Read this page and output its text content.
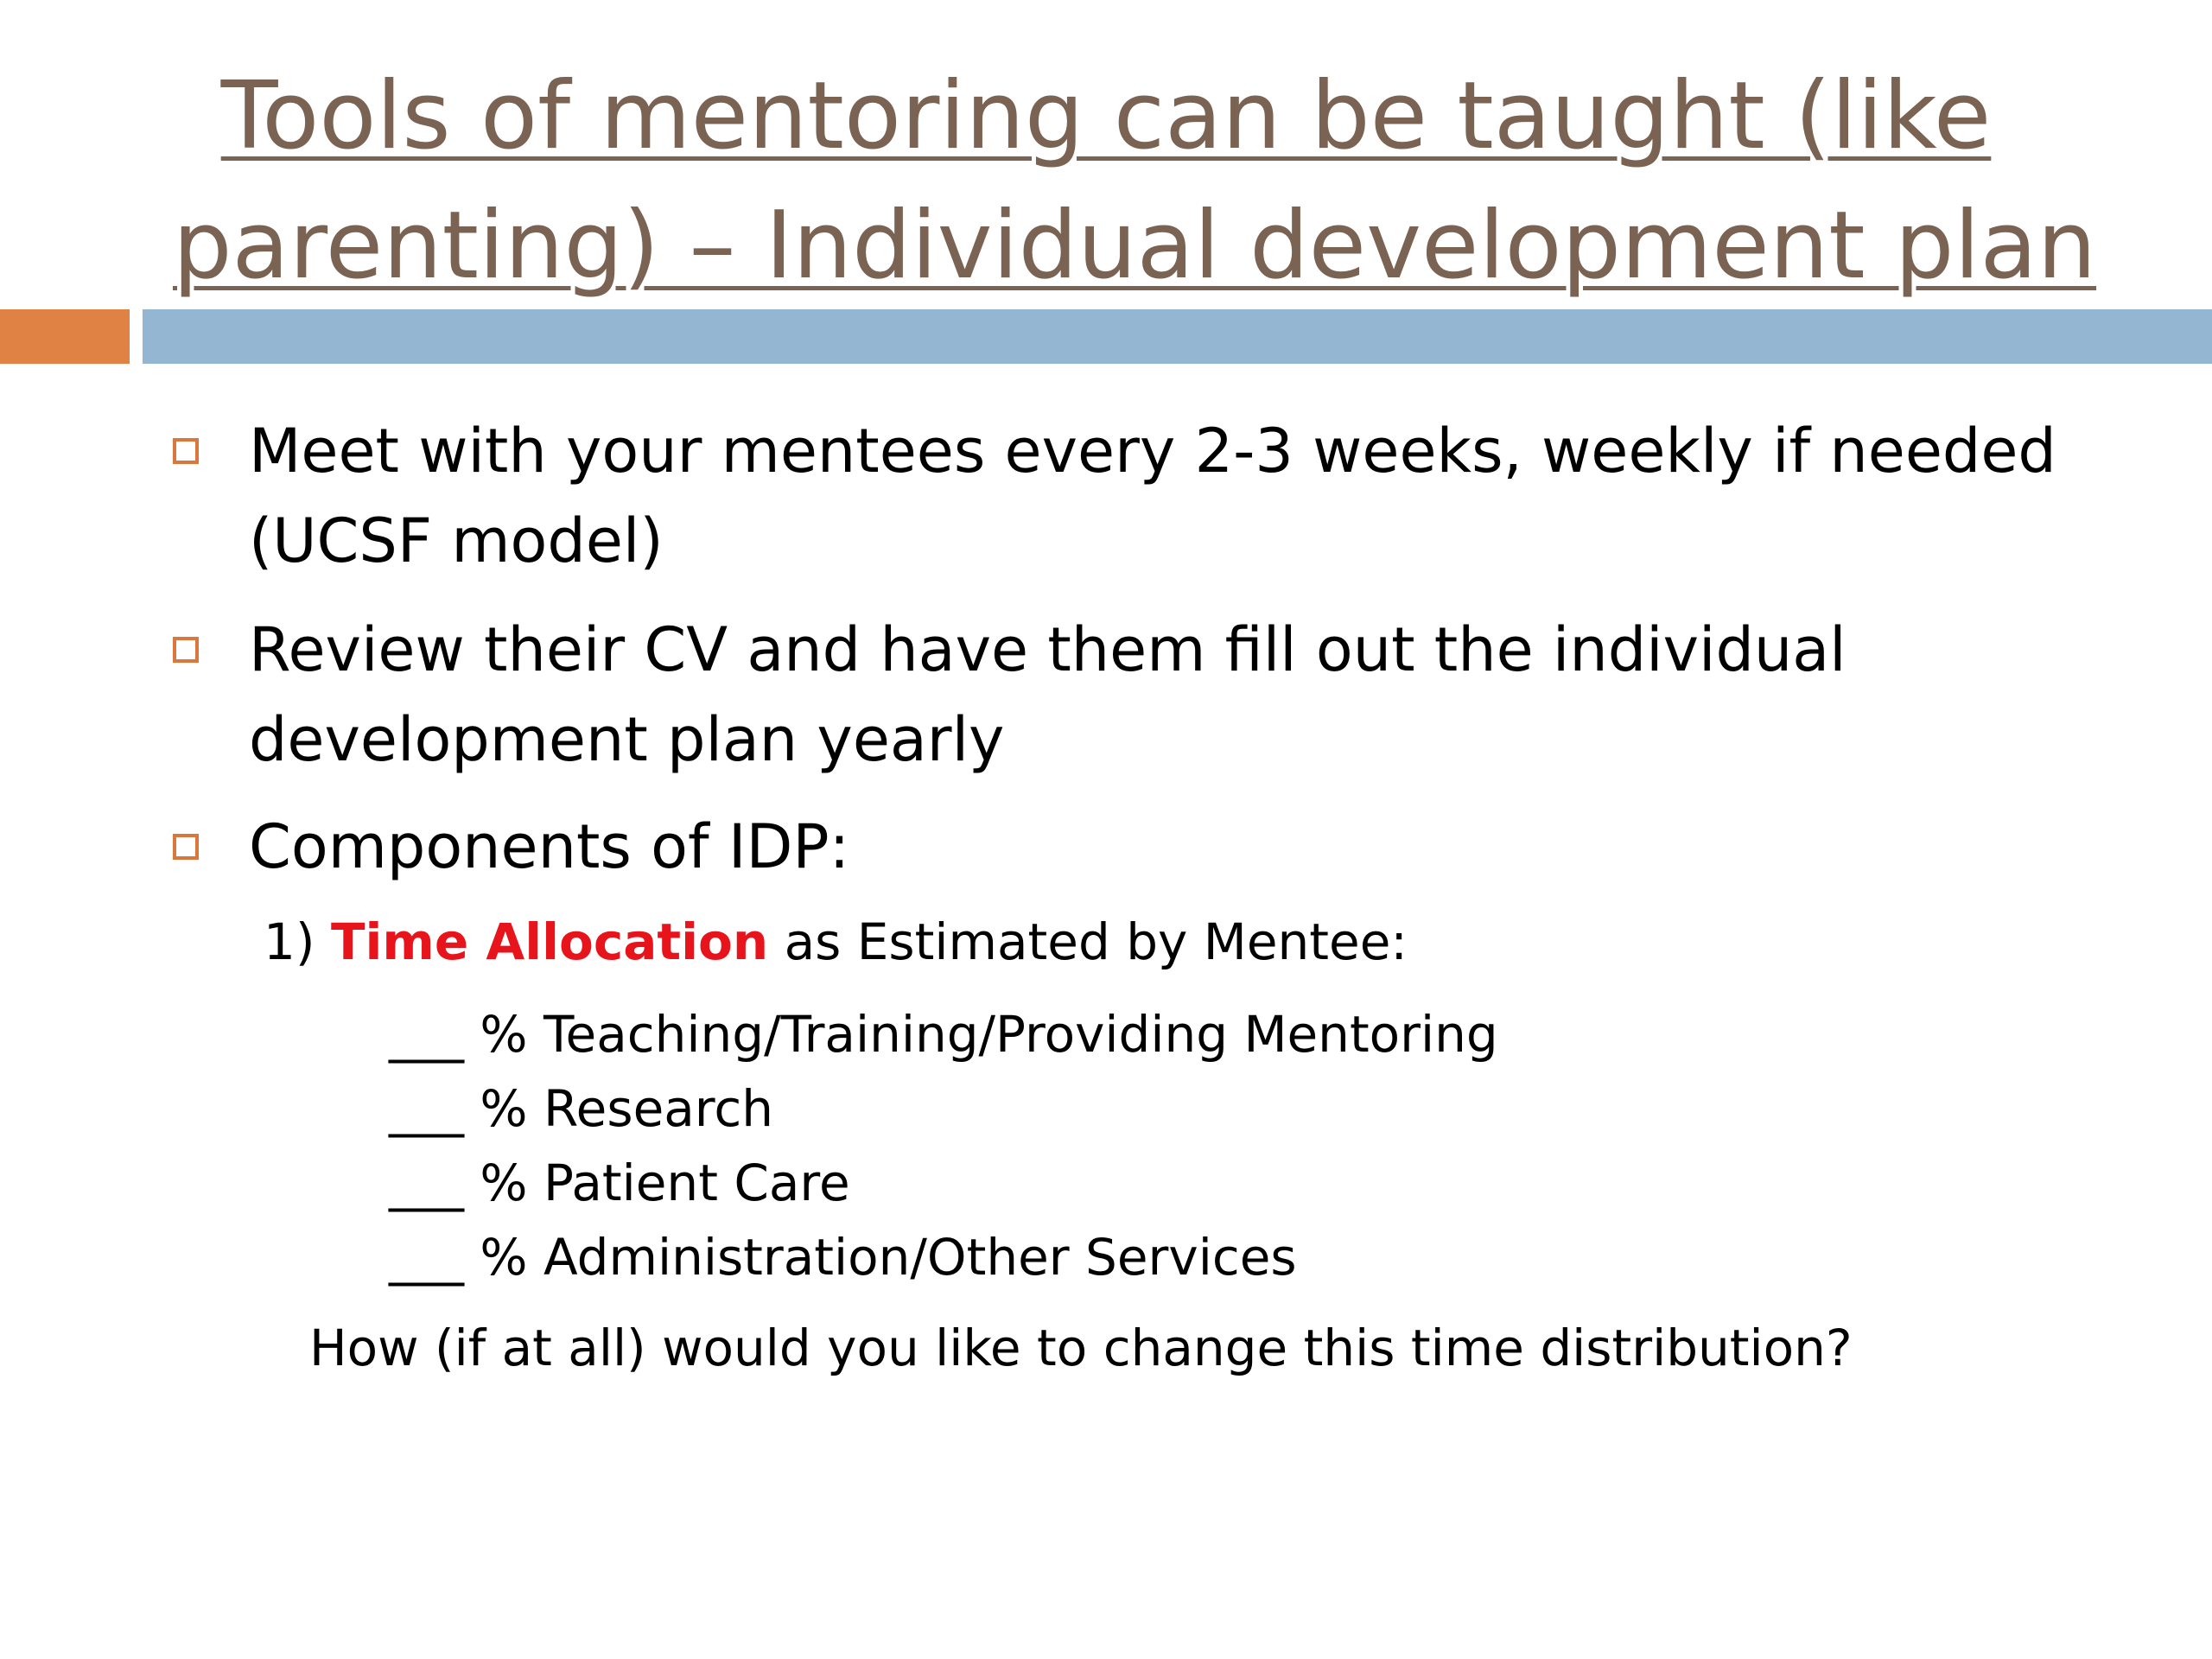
Tools of mentoring can be taught (like
parenting) – Individual development plan
Meet with your mentees every 2-3 weeks, weekly if needed
(UCSF model)
Review their CV and have them fill out the individual
development plan yearly
Components of IDP:
1) Time Allocation as Estimated by Mentee:
___ % Teaching/Training/Providing Mentoring
___ % Research
___ % Patient Care
___ % Administration/Other Services
How (if at all) would you like to change this time distribution?
